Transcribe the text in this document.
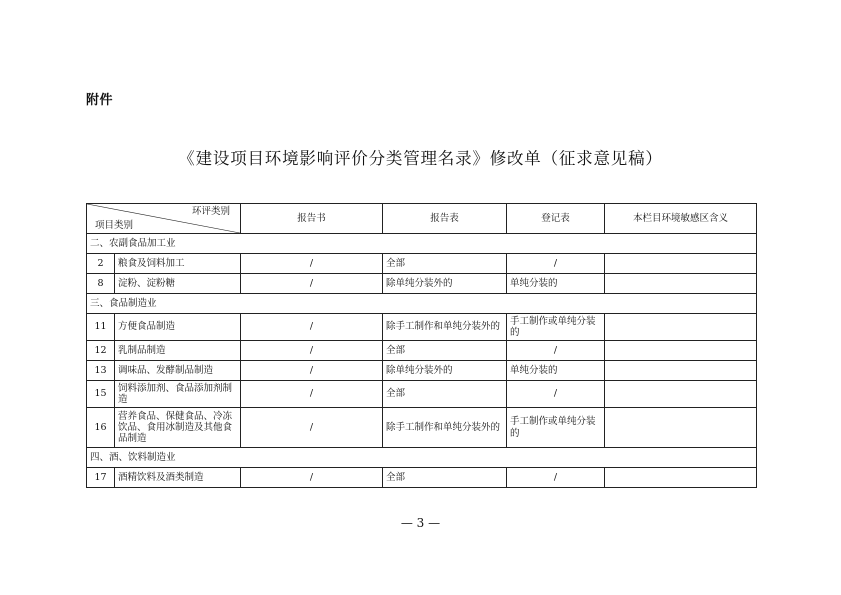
附件
《建设项目环境影响评价分类管理名录》修改单（征求意见稿）
环评类别
项目类别		报告书	报告表	登记表	本栏目环境敏感区含义
二、农副食品加工业					
2	粮食及饲料加工	/	全部	/	
8	淀粉、淀粉糖	/	除单纯分装外的	单纯分装的	
三、食品制造业					
11	方便食品制造	/	除手工制作和单纯分装外的	手工制作或单纯分装的	
12	乳制品制造	/	全部	/	
13	调味品、发酵制品制造	/	除单纯分装外的	单纯分装的	
15	饲料添加剂、食品添加剂制造	/	全部	/	
16	营养食品、保健食品、冷冻饮品、食用冰制造及其他食品制造	/	除手工制作和单纯分装外的	手工制作或单纯分装的	
四、酒、饮料制造业					
17	酒精饮料及酒类制造	/	全部	/	
— 3 —
